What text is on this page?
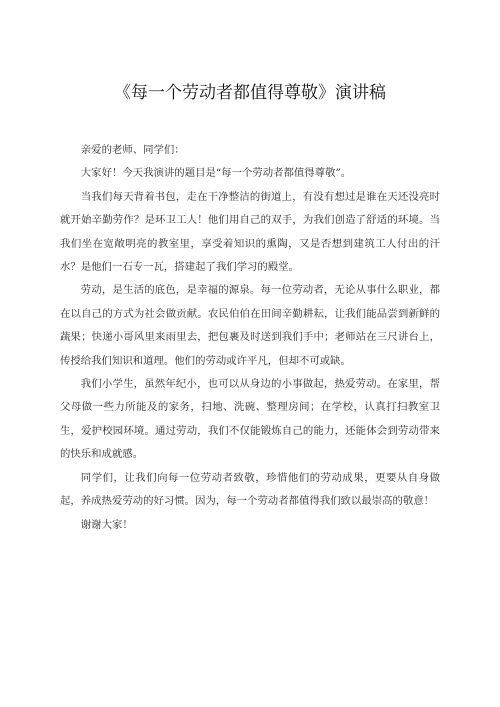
《每一个劳动者都值得尊敬》演讲稿

亲爱的老师、同学们：

大家好！今天我演讲的题目是“每一个劳动者都值得尊敬”。

当我们每天背着书包，走在干净整洁的街道上，有没有想过是谁在天还没亮时就开始辛勤劳作？是环卫工人！他们用自己的双手，为我们创造了舒适的环境。当我们坐在宽敞明亮的教室里，享受着知识的熏陶，又是否想到建筑工人付出的汗水？是他们一石专一瓦，搭建起了我们学习的殿堂。

劳动，是生活的底色，是幸福的源泉。每一位劳动者，无论从事什么职业，都在以自己的方式为社会做贡献。农民伯伯在田间辛勤耕耘，让我们能品尝到新鲜的蔬果；快递小哥风里来雨里去，把包裹及时送到我们手中；老师站在三尺讲台上，传授给我们知识和道理。他们的劳动或许平凡，但却不可或缺。

我们小学生，虽然年纪小，也可以从身边的小事做起，热爱劳动。在家里，帮父母做一些力所能及的家务，扫地、洗碗、整理房间；在学校，认真打扫教室卫生，爱护校园环境。通过劳动，我们不仅能锻炼自己的能力，还能体会到劳动带来的快乐和成就感。

同学们，让我们向每一位劳动者致敬，珍惜他们的劳动成果，更要从自身做起，养成热爱劳动的好习惯。因为，每一个劳动者都值得我们致以最崇高的敬意！

谢谢大家！
